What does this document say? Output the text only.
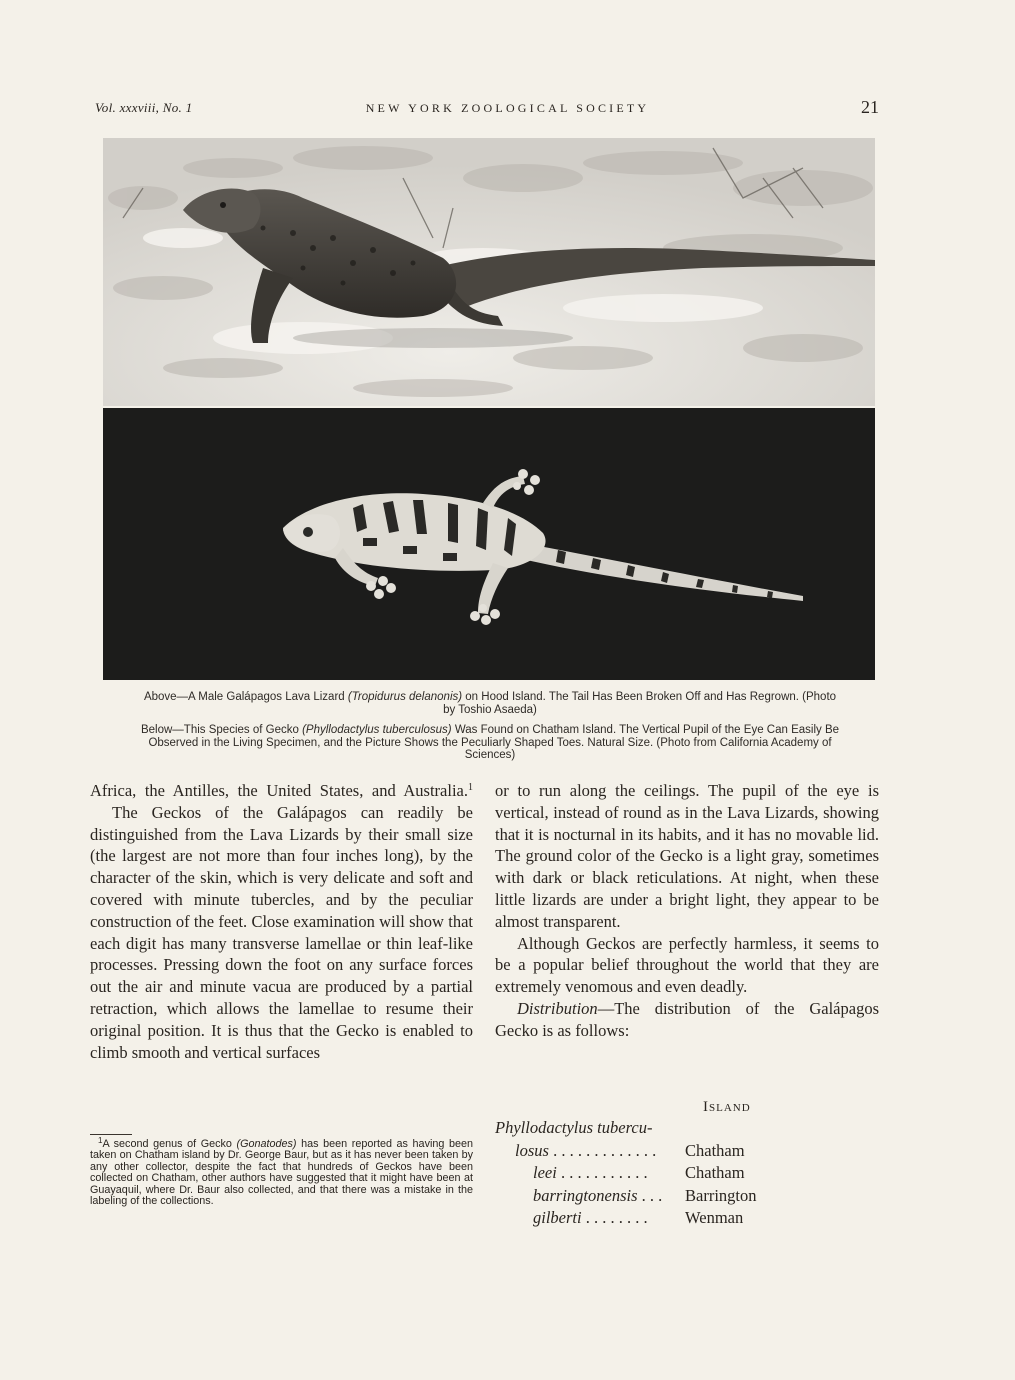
Vol. xxxviii, No. 1	NEW YORK ZOOLOGICAL SOCIETY	21
Above—A Male Galápagos Lava Lizard (Tropidurus delanonis) on Hood Island. The Tail Has Been Broken Off and Has Regrown. (Photo by Toshio Asaeda)
Below—This Species of Gecko (Phyllodactylus tuberculosus) Was Found on Chatham Island. The Vertical Pupil of the Eye Can Easily Be Observed in the Living Specimen, and the Picture Shows the Peculiarly Shaped Toes. Natural Size. (Photo from California Academy of Sciences)

Africa, the Antilles, the United States, and Australia.$^1$

The Geckos of the Galápagos can readily be distinguished from the Lava Lizards by their small size (the largest are not more than four inches long), by the character of the skin, which is very delicate and soft and covered with minute tubercles, and by the peculiar construction of the feet. Close examination will show that each digit has many transverse lamellae or thin leaf-like processes. Pressing down the foot on any surface forces out the air and minute vacua are produced by a partial retraction, which allows the lamellae to resume their original position. It is thus that the Gecko is enabled to climb smooth and vertical surfaces

$^1$A second genus of Gecko (Gonatodes) has been reported as having been taken on Chatham island by Dr. George Baur, but as it has never been taken by any other collector, despite the fact that hundreds of Geckos have been collected on Chatham, other authors have suggested that it might have been at Guayaquil, where Dr. Baur also collected, and that there was a mistake in the labeling of the collections.

or to run along the ceilings. The pupil of the eye is vertical, instead of round as in the Lava Lizards, showing that it is nocturnal in its habits, and it has no movable lid. The ground color of the Gecko is a light gray, sometimes with dark or black reticulations. At night, when these little lizards are under a bright light, they appear to be almost transparent.

Although Geckos are perfectly harmless, it seems to be a popular belief throughout the world that they are extremely venomous and even deadly.

Distribution—The distribution of the Galápagos Gecko is as follows:

Island
Phyllodactylus tubercu-
losus . . . . . . . . . . . . . Chatham
leei . . . . . . . . . . . Chatham
barringtonensis . . . Barrington
gilberti . . . . . . . . Wenman
